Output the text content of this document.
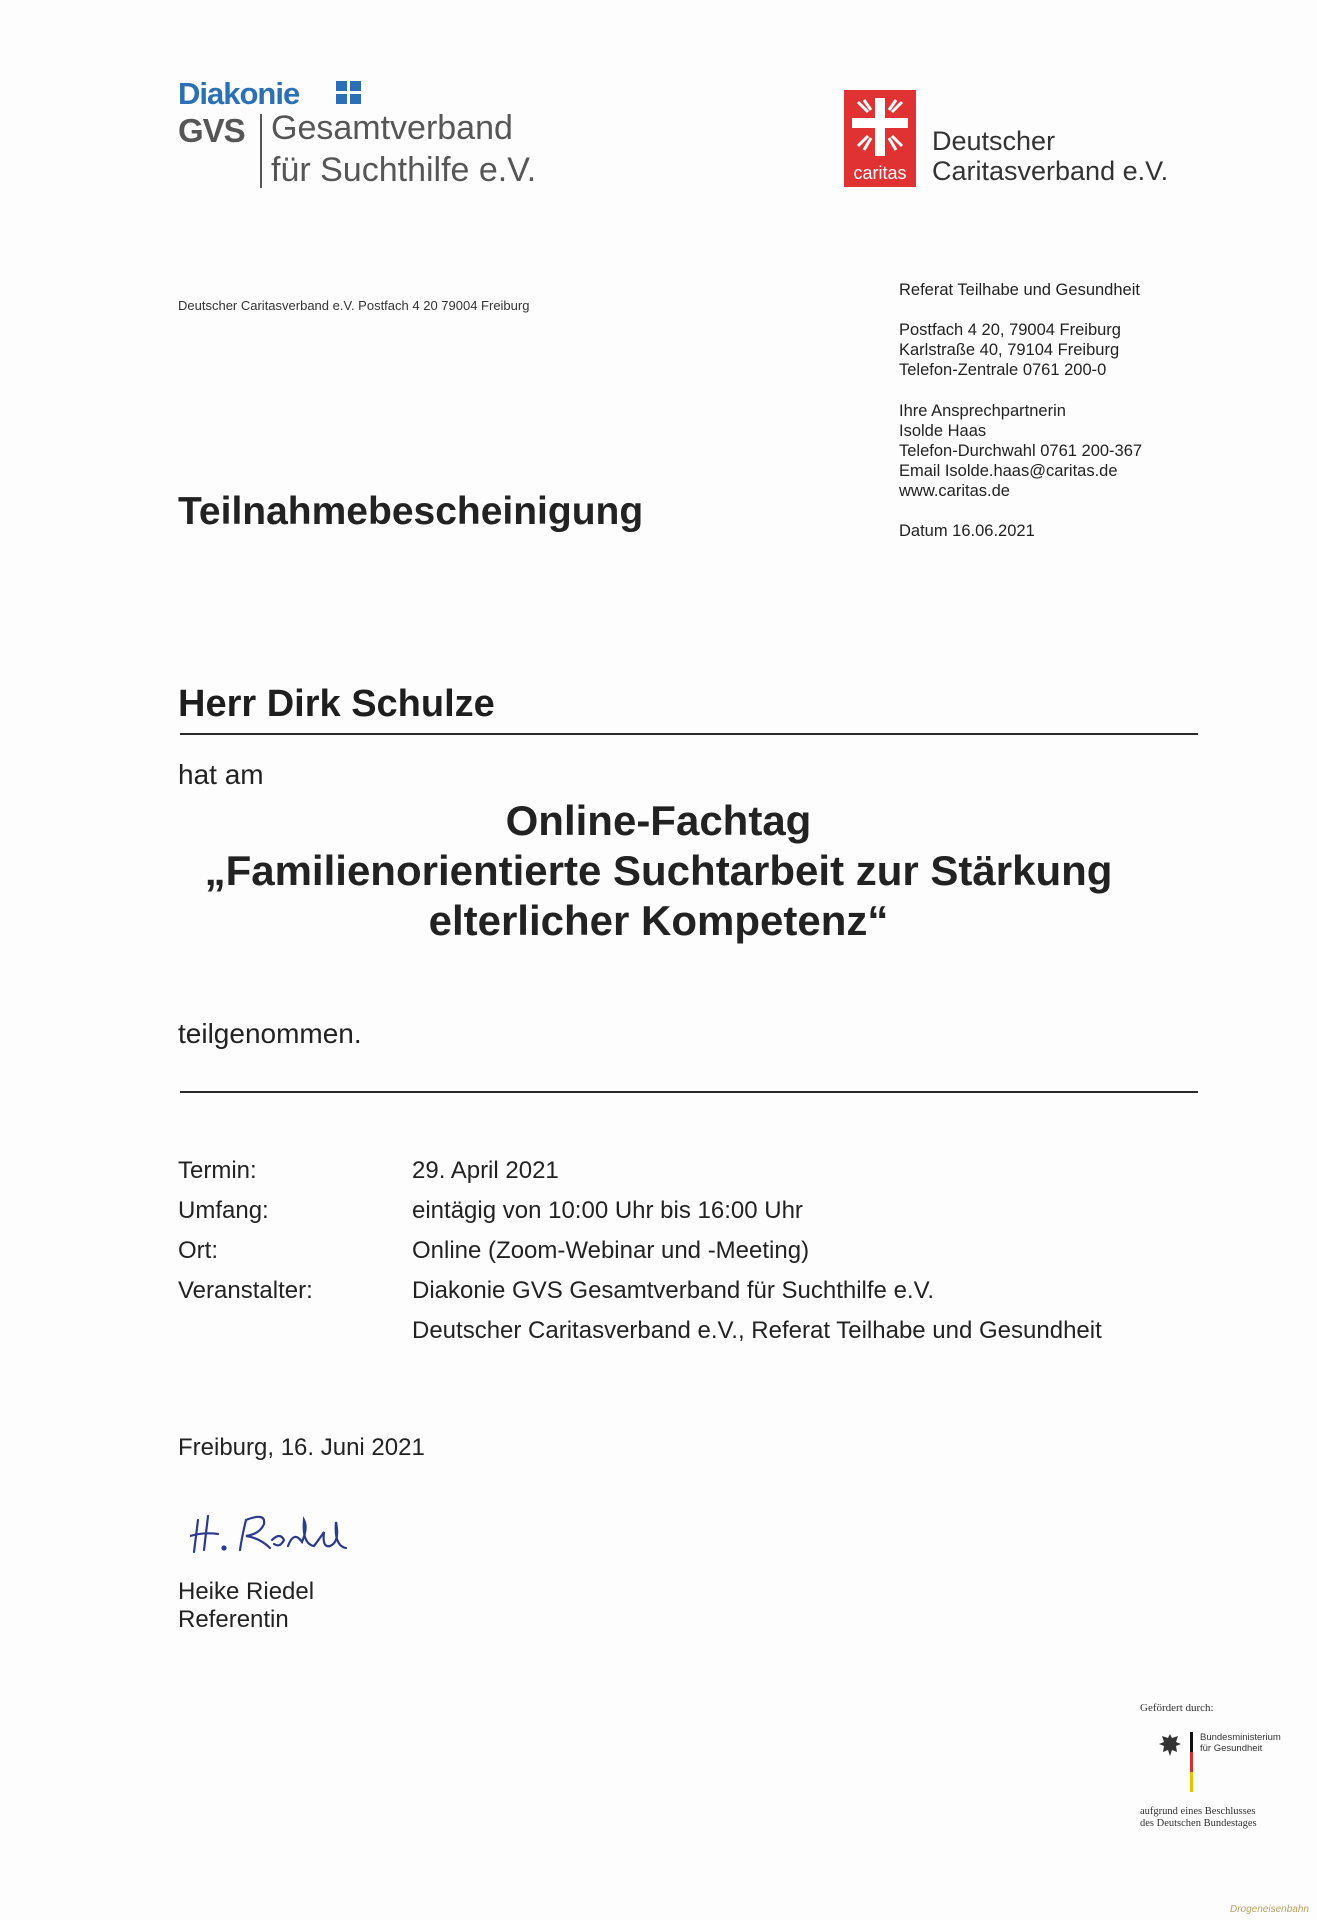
Diakonie
GVS Gesamtverband
für Suchthilfe e.V.	caritas
Deutscher
Caritasverband e.V.
Deutscher Caritasverband e.V. Postfach 4 20 79004 Freiburg
Referat Teilhabe und Gesundheit
Postfach 4 20, 79004 Freiburg
Karlstraße 40, 79104 Freiburg
Telefon-Zentrale 0761 200-0
Ihre Ansprechpartnerin
Isolde Haas
Telefon-Durchwahl 0761 200-367
Email Isolde.haas@caritas.de
www.caritas.de
Datum 16.06.2021
Teilnahmebescheinigung
Herr Dirk Schulze
hat am
Online-Fachtag
„Familienorientierte Suchtarbeit zur Stärkung
elterlicher Kompetenz“
teilgenommen.
Termin:	29. April 2021
Umfang:	eintägig von 10:00 Uhr bis 16:00 Uhr
Ort:	Online (Zoom-Webinar und -Meeting)
Veranstalter:	Diakonie GVS Gesamtverband für Suchthilfe e.V.
Deutscher Caritasverband e.V., Referat Teilhabe und Gesundheit
Freiburg, 16. Juni 2021
Heike Riedel
Referentin
Gefördert durch:
Bundesministerium
für Gesundheit
aufgrund eines Beschlusses
des Deutschen Bundestages
Drogeneisenbahn
